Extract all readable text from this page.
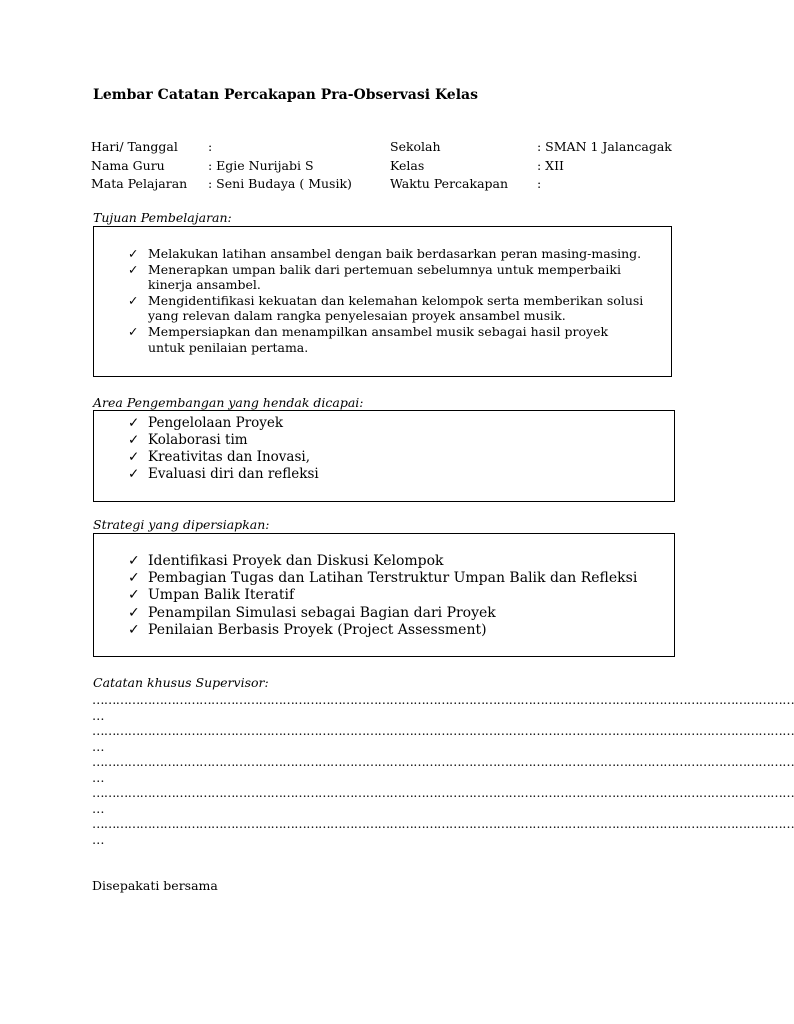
Lembar Catatan Percakapan Pra-Observasi Kelas
Hari/ Tanggal
Nama Guru
Mata Pelajaran
:
: Egie Nurijabi S
: Seni Budaya ( Musik)
Sekolah
Kelas
Waktu Percakapan
: SMAN 1 Jalancagak
: XII
:

Tujuan Pembelajaran:

✓ Melakukan latihan ansambel dengan baik berdasarkan peran masing-masing.
✓ Menerapkan umpan balik dari pertemuan sebelumnya untuk memperbaiki kinerja ansambel.
✓ Mengidentifikasi kekuatan dan kelemahan kelompok serta memberikan solusi yang relevan dalam rangka penyelesaian proyek ansambel musik.
✓ Mempersiapkan dan menampilkan ansambel musik sebagai hasil proyek untuk penilaian pertama.

Area Pengembangan yang hendak dicapai:

✓ Pengelolaan Proyek
✓ Kolaborasi tim
✓ Kreativitas dan Inovasi,
✓ Evaluasi diri dan refleksi

Strategi yang dipersiapkan:

✓ Identifikasi Proyek dan Diskusi Kelompok
✓ Pembagian Tugas dan Latihan Terstruktur Umpan Balik dan Refleksi
✓ Umpan Balik Iteratif
✓ Penampilan Simulasi sebagai Bagian dari Proyek
✓ Penilaian Berbasis Proyek (Project Assessment)

Catatan khusus Supervisor:

……………………………………………………………………………………………………………………………………………………………
…
……………………………………………………………………………………………………………………………………………………………
…
……………………………………………………………………………………………………………………………………………………………
…
……………………………………………………………………………………………………………………………………………………………
…
……………………………………………………………………………………………………………………………………………………………
…

Disepakati bersama
